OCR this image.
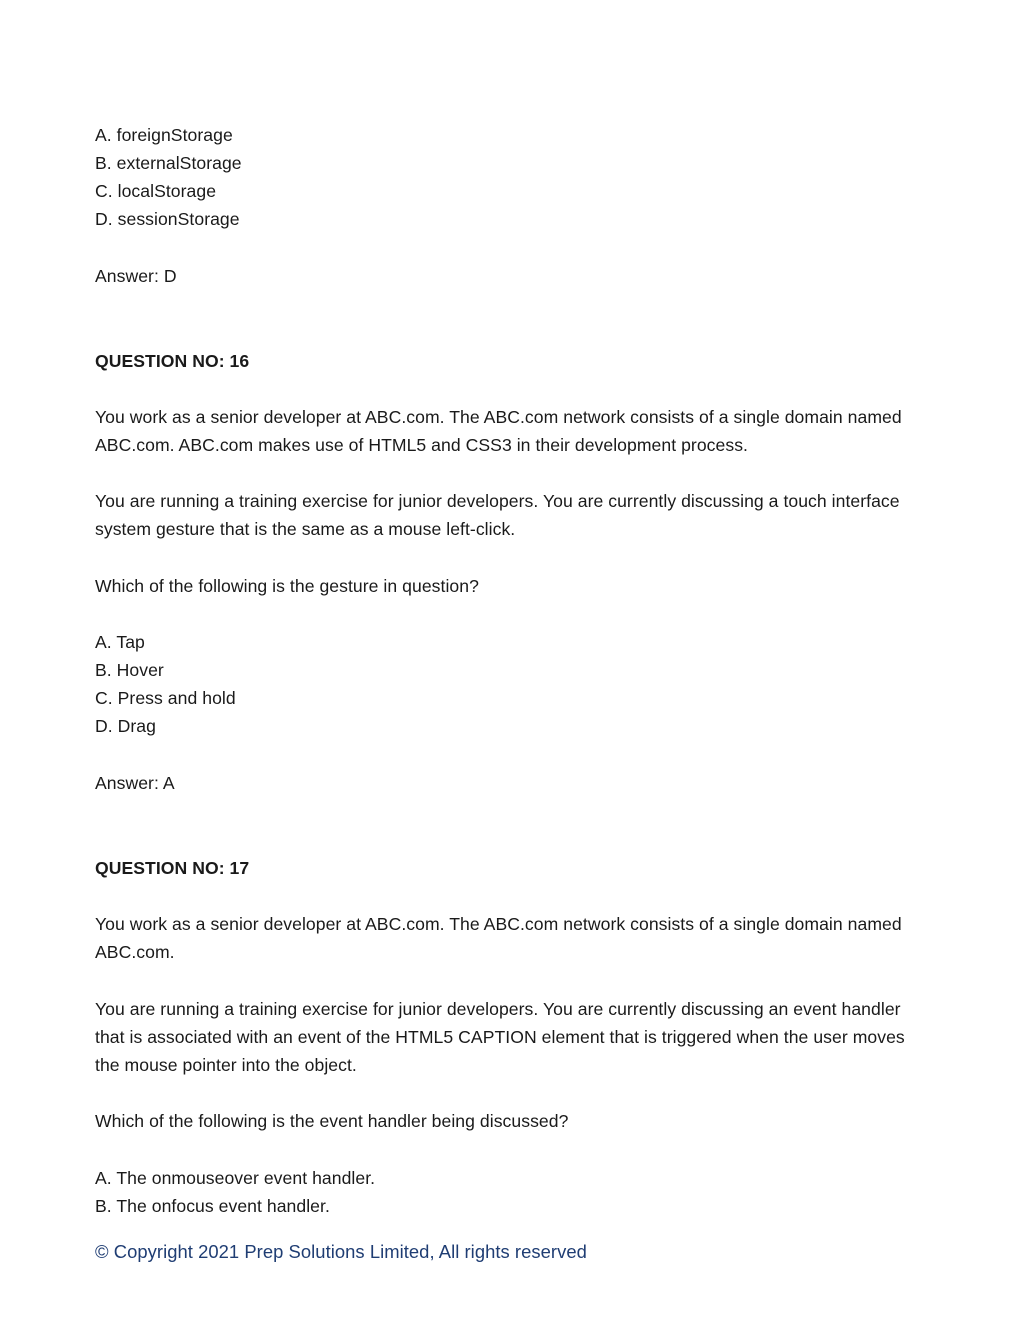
A. foreignStorage
B. externalStorage
C. localStorage
D. sessionStorage
Answer: D
QUESTION NO: 16
You work as a senior developer at ABC.com. The ABC.com network consists of a single domain named
ABC.com. ABC.com makes use of HTML5 and CSS3 in their development process.
You are running a training exercise for junior developers. You are currently discussing a touch interface
system gesture that is the same as a mouse left-click.
Which of the following is the gesture in question?
A. Tap
B. Hover
C. Press and hold
D. Drag
Answer: A
QUESTION NO: 17
You work as a senior developer at ABC.com. The ABC.com network consists of a single domain named
ABC.com.
You are running a training exercise for junior developers. You are currently discussing an event handler
that is associated with an event of the HTML5 CAPTION element that is triggered when the user moves
the mouse pointer into the object.
Which of the following is the event handler being discussed?
A. The onmouseover event handler.
B. The onfocus event handler.
© Copyright 2021 Prep Solutions Limited, All rights reserved
